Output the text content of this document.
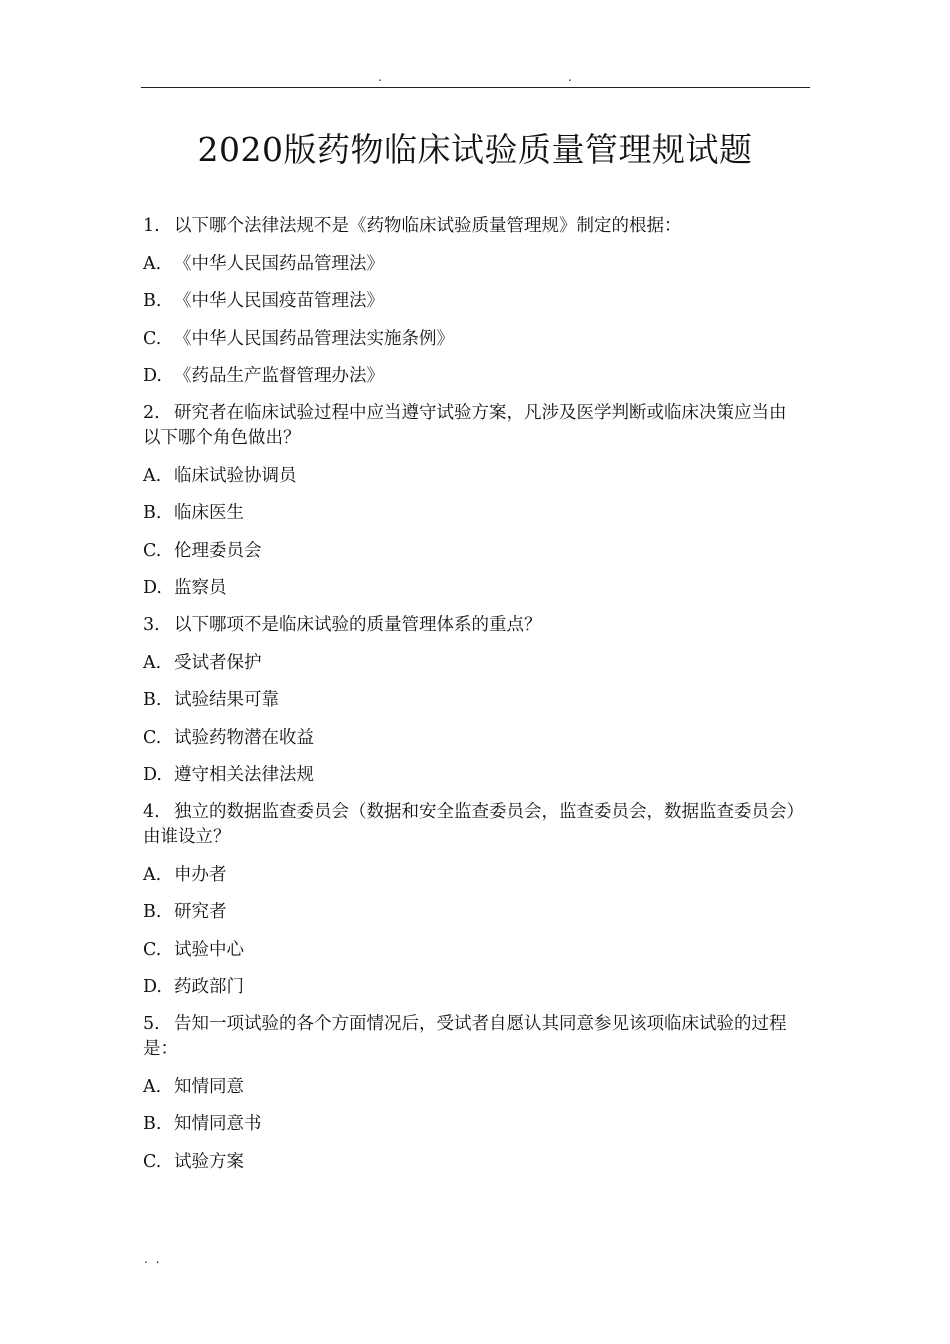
.	.
2020版药物临床试验质量管理规试题

1. 以下哪个法律法规不是《药物临床试验质量管理规》制定的根据：

A. 《中华人民国药品管理法》

B. 《中华人民国疫苗管理法》

C. 《中华人民国药品管理法实施条例》

D. 《药品生产监督管理办法》

2. 研究者在临床试验过程中应当遵守试验方案，凡涉及医学判断或临床决策应当由以下哪个角色做出？

A. 临床试验协调员

B. 临床医生

C. 伦理委员会

D. 监察员

3. 以下哪项不是临床试验的质量管理体系的重点？

A. 受试者保护

B. 试验结果可靠

C. 试验药物潜在收益

D. 遵守相关法律法规

4. 独立的数据监查委员会（数据和安全监查委员会，监查委员会，数据监查委员会）由谁设立？

A. 申办者

B. 研究者

C. 试验中心

D. 药政部门

5. 告知一项试验的各个方面情况后，受试者自愿认其同意参见该项临床试验的过程是：

A. 知情同意

B. 知情同意书

C. 试验方案

. .
